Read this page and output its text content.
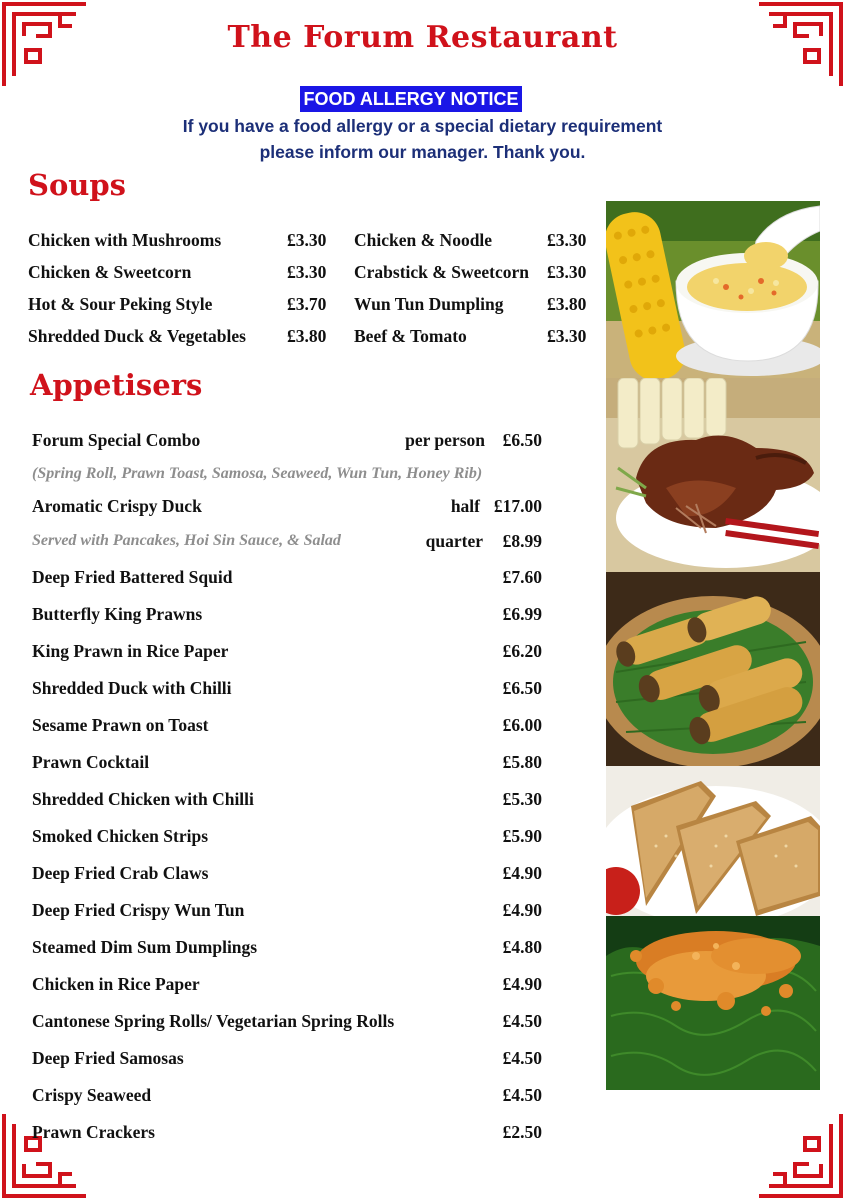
The Forum Restaurant
FOOD ALLERGY NOTICE
If you have a food allergy or a special dietary requirement
please inform our manager. Thank you.
Soups
Chicken with Mushrooms	£3.30 Chicken & Noodle	£3.30
Chicken & Sweetcorn	£3.30 Crabstick & Sweetcorn £3.30
Hot & Sour Peking Style	£3.70 Wun Tun Dumpling £3.80
Shredded Duck & Vegetables £3.80 Beef & Tomato	£3.30
Appetisers
Forum Special Combo	per person £6.50
(Spring Roll, Prawn Toast, Samosa, Seaweed, Wun Tun, Honey Rib)
Aromatic Crispy Duck	half £17.00
Served with Pancakes, Hoi Sin Sauce, & Salad	quarter £8.99
Deep Fried Battered Squid	£7.60
Butterfly King Prawns	£6.99
King Prawn in Rice Paper	£6.20
Shredded Duck with Chilli	£6.50
Sesame Prawn on Toast	£6.00
Prawn Cocktail	£5.80
Shredded Chicken with Chilli	£5.30
Smoked Chicken Strips	£5.90
Deep Fried Crab Claws	£4.90
Deep Fried Crispy Wun Tun	£4.90
Steamed Dim Sum Dumplings	£4.80
Chicken in Rice Paper	£4.90
Cantonese Spring Rolls/ Vegetarian Spring Rolls	£4.50
Deep Fried Samosas	£4.50
Crispy Seaweed	£4.50
Prawn Crackers	£2.50
